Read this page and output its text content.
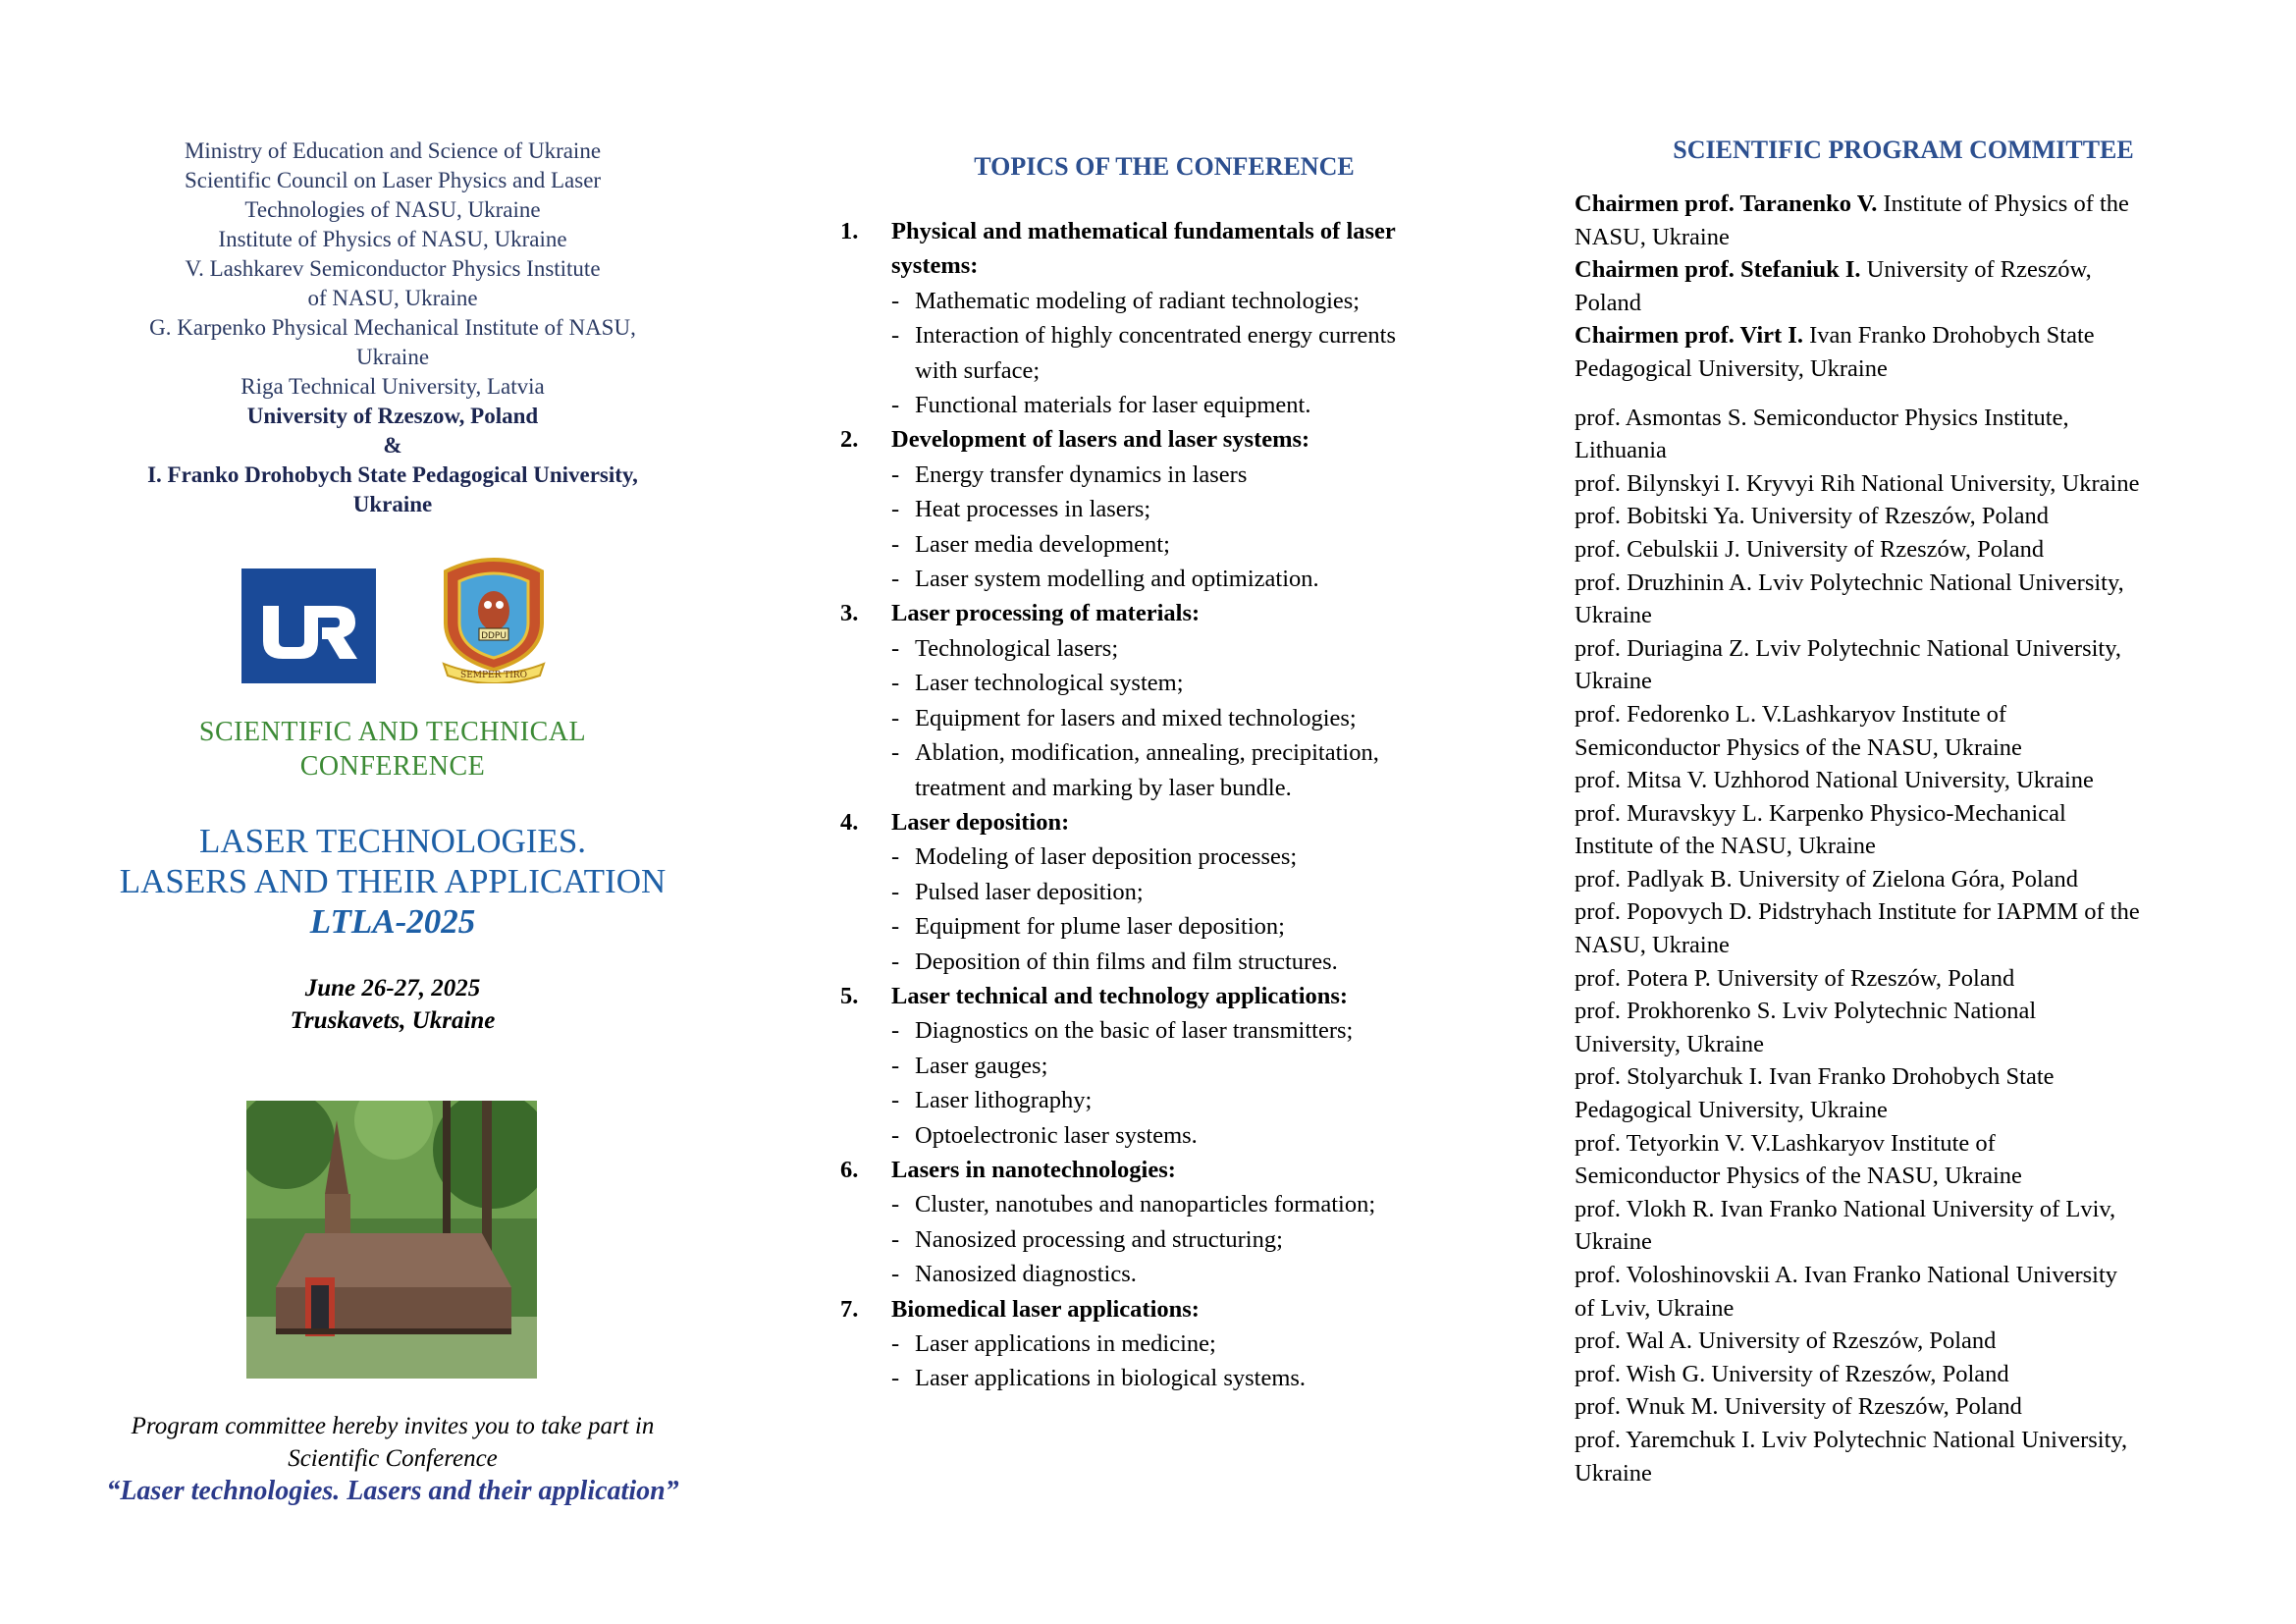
Ministry of Education and Science of Ukraine
Scientific Council on Laser Physics and Laser
Technologies of NASU, Ukraine
Institute of Physics of NASU, Ukraine
V. Lashkarev Semiconductor Physics Institute
of NASU, Ukraine
G. Karpenko Physical Mechanical Institute of NASU,
Ukraine
Riga Technical University, Latvia
University of Rzeszow, Poland
&
I. Franko Drohobych State Pedagogical University,
Ukraine
DDPU
SEMPER TIRO
SCIENTIFIC AND TECHNICAL
CONFERENCE
LASER TECHNOLOGIES.
LASERS AND THEIR APPLICATION
LTLA-2025
June 26-27, 2025
Truskavets, Ukraine
Program committee hereby invites you to take part in
Scientific Conference
“Laser technologies. Lasers and their application”
TOPICS OF THE CONFERENCE
1. Physical and mathematical fundamentals of laser
systems:
- Mathematic modeling of radiant technologies;
- Interaction of highly concentrated energy currents
with surface;
- Functional materials for laser equipment.
2. Development of lasers and laser systems:
- Energy transfer dynamics in lasers
- Heat processes in lasers;
- Laser media development;
- Laser system modelling and optimization.
3. Laser processing of materials:
- Technological lasers;
- Laser technological system;
- Equipment for lasers and mixed technologies;
- Ablation, modification, annealing, precipitation,
treatment and marking by laser bundle.
4. Laser deposition:
- Modeling of laser deposition processes;
- Pulsed laser deposition;
- Equipment for plume laser deposition;
- Deposition of thin films and film structures.
5. Laser technical and technology applications:
- Diagnostics on the basic of laser transmitters;
- Laser gauges;
- Laser lithography;
- Optoelectronic laser systems.
6. Lasers in nanotechnologies:
- Cluster, nanotubes and nanoparticles formation;
- Nanosized processing and structuring;
- Nanosized diagnostics.
7. Biomedical laser applications:
- Laser applications in medicine;
- Laser applications in biological systems.
SCIENTIFIC PROGRAM COMMITTEE
Chairmen prof. Taranenko V. Institute of Physics of the
NASU, Ukraine
Chairmen prof. Stefaniuk I. University of Rzeszów,
Poland
Chairmen prof. Virt I. Ivan Franko Drohobych State
Pedagogical University, Ukraine
prof. Asmontas S. Semiconductor Physics Institute,
Lithuania
prof. Bilynskyi I. Kryvyi Rih National University, Ukraine
prof. Bobitski Ya. University of Rzeszów, Poland
prof. Cebulskii J. University of Rzeszów, Poland
prof. Druzhinin A. Lviv Polytechnic National University,
Ukraine
prof. Duriagina Z. Lviv Polytechnic National University,
Ukraine
prof. Fedorenko L. V.Lashkaryov Institute of
Semiconductor Physics of the NASU, Ukraine
prof. Mitsa V. Uzhhorod National University, Ukraine
prof. Muravskyy L. Karpenko Physico-Mechanical
Institute of the NASU, Ukraine
prof. Padlyak B. University of Zielona Góra, Poland
prof. Popovych D. Pidstryhach Institute for IAPMM of the
NASU, Ukraine
prof. Potera P. University of Rzeszów, Poland
prof. Prokhorenko S. Lviv Polytechnic National
University, Ukraine
prof. Stolyarchuk I. Ivan Franko Drohobych State
Pedagogical University, Ukraine
prof. Tetyorkin V. V.Lashkaryov Institute of
Semiconductor Physics of the NASU, Ukraine
prof. Vlokh R. Ivan Franko National University of Lviv,
Ukraine
prof. Voloshinovskii A. Ivan Franko National University
of Lviv, Ukraine
prof. Wal A. University of Rzeszów, Poland
prof. Wish G. University of Rzeszów, Poland
prof. Wnuk M. University of Rzeszów, Poland
prof. Yaremchuk I. Lviv Polytechnic National University,
Ukraine
